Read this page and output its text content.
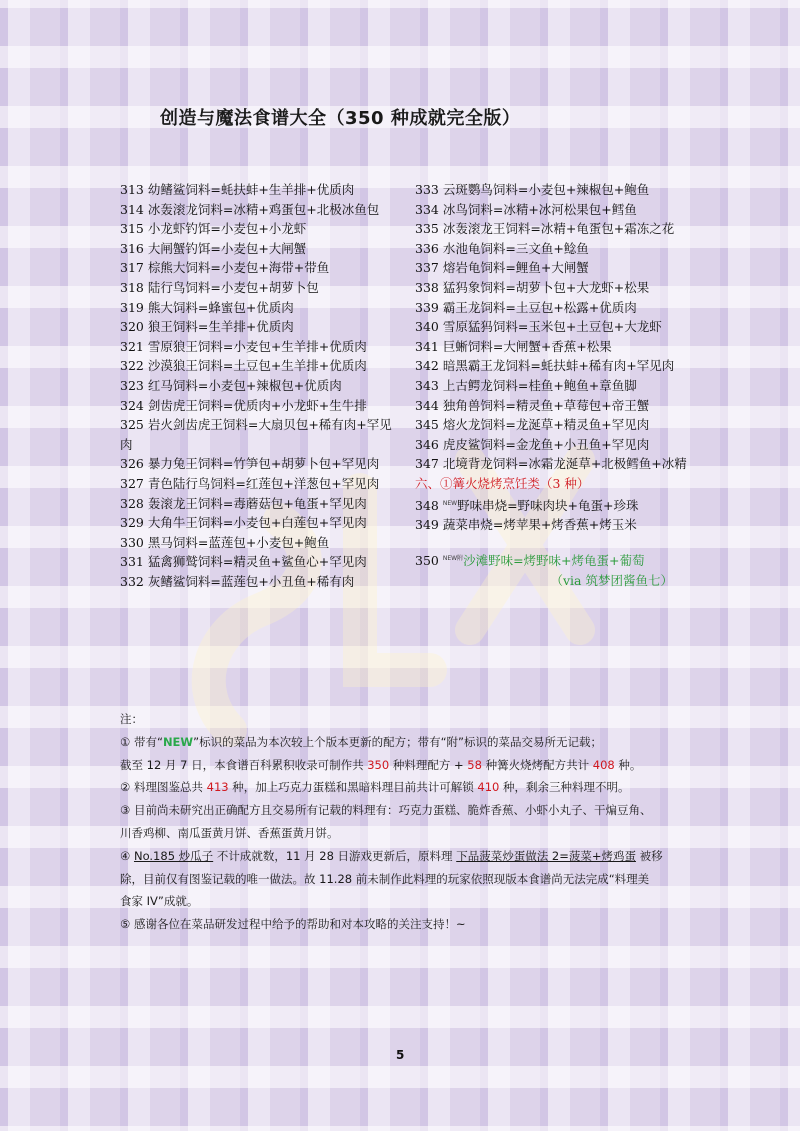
创造与魔法食谱大全（350 种成就完全版）
313 幼鳍鲨饲料=蚝扶蚌+生羊排+优质肉
314 冰轰滚龙饲料=冰精+鸡蛋包+北极冰鱼包
315 小龙虾钓饵=小麦包+小龙虾
316 大闸蟹钓饵=小麦包+大闸蟹
317 棕熊大饲料=小麦包+海带+带鱼
318 陆行鸟饲料=小麦包+胡萝卜包
319 熊大饲料=蜂蜜包+优质肉
320 狼王饲料=生羊排+优质肉
321 雪原狼王饲料=小麦包+生羊排+优质肉
322 沙漠狼王饲料=土豆包+生羊排+优质肉
323 红马饲料=小麦包+辣椒包+优质肉
324 剑齿虎王饲料=优质肉+小龙虾+生牛排
325 岩火剑齿虎王饲料=大扇贝包+稀有肉+罕见肉
326 暴力兔王饲料=竹笋包+胡萝卜包+罕见肉
327 青色陆行鸟饲料=红莲包+洋葱包+罕见肉
328 轰滚龙王饲料=毒蘑菇包+龟蛋+罕见肉
329 大角牛王饲料=小麦包+白莲包+罕见肉
330 黑马饲料=蓝莲包+小麦包+鲍鱼
331 猛禽狮鹫饲料=精灵鱼+鲨鱼心+罕见肉
332 灰鳍鲨饲料=蓝莲包+小丑鱼+稀有肉
333 云斑鹦鸟饲料=小麦包+辣椒包+鲍鱼
334 冰鸟饲料=冰精+冰河松果包+鳕鱼
335 冰轰滚龙王饲料=冰精+龟蛋包+霜冻之花
336 水池龟饲料=三文鱼+鲶鱼
337 熔岩龟饲料=鲤鱼+大闸蟹
338 猛犸象饲料=胡萝卜包+大龙虾+松果
339 霸王龙饲料=土豆包+松露+优质肉
340 雪原猛犸饲料=玉米包+土豆包+大龙虾
341 巨蜥饲料=大闸蟹+香蕉+松果
342 暗黑霸王龙饲料=蚝扶蚌+稀有肉+罕见肉
343 上古鳄龙饲料=桂鱼+鲍鱼+章鱼脚
344 独角兽饲料=精灵鱼+草莓包+帝王蟹
345 熔火龙饲料=龙涎草+精灵鱼+罕见肉
346 虎皮鲨饲料=金龙鱼+小丑鱼+罕见肉
347 北境背龙饲料=冰霜龙涎草+北极鳕鱼+冰精
六、①篝火烧烤烹饪类（3 种）
348 $^{NEW}$野味串烧=野味肉块+龟蛋+珍珠
349 蔬菜串烧=烤苹果+烤香蕉+烤玉米
350 $^{NEW附}$沙滩野味=烤野味+烤龟蛋+葡萄
（via 筑梦团酱鱼七）
注：
① 带有“NEW”标识的菜品为本次较上个版本更新的配方；带有“附”标识的菜品交易所无记载；
截至 12 月 7 日，本食谱百科累积收录可制作共 350 种料理配方 + 58 种篝火烧烤配方共计 408 种。
② 料理图鉴总共 413 种，加上巧克力蛋糕和黑暗料理目前共计可解锁 410 种，剩余三种料理不明。
③ 目前尚未研究出正确配方且交易所有记载的料理有：巧克力蛋糕、脆炸香蕉、小虾小丸子、干煸豆角、
川香鸡柳、南瓜蛋黄月饼、香蕉蛋黄月饼。
④ No.185 炒瓜子 不计成就数，11 月 28 日游戏更新后，原料理 下品菠菜炒蛋做法 2=菠菜+烤鸡蛋 被移
除，目前仅有图鉴记载的唯一做法。故 11.28 前未制作此料理的玩家依照现版本食谱尚无法完成“料理美
食家 IV”成就。
⑤ 感谢各位在菜品研发过程中给予的帮助和对本攻略的关注支持！~
5
